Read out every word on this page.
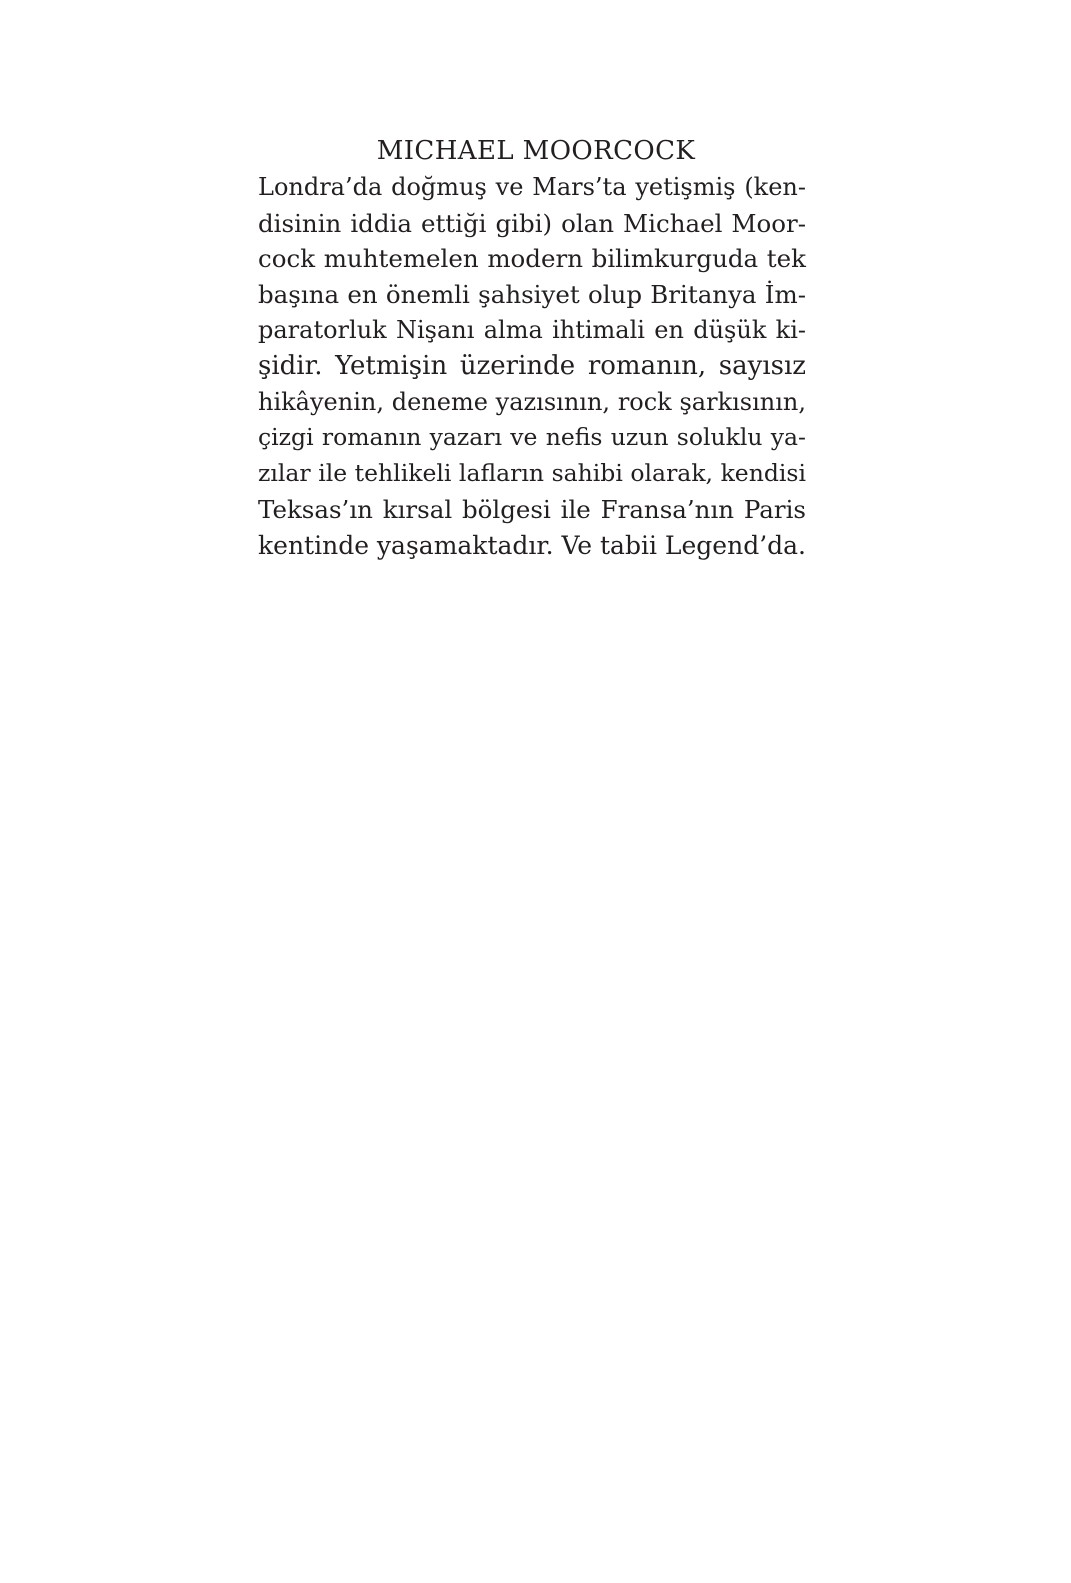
MICHAEL MOORCOCK
Londra’da doğmuş ve Mars’ta yetişmiş (ken-
disinin iddia ettiği gibi) olan Michael Moor-
cock muhtemelen modern bilimkurguda tek
başına en önemli şahsiyet olup Britanya İm-
paratorluk Nişanı alma ihtimali en düşük ki-
şidir. Yetmişin üzerinde romanın, sayısız
hikâyenin, deneme yazısının, rock şarkısının,
çizgi romanın yazarı ve nefis uzun soluklu ya-
zılar ile tehlikeli lafların sahibi olarak, kendisi
Teksas’ın kırsal bölgesi ile Fransa’nın Paris
kentinde yaşamaktadır. Ve tabii Legend’da.
